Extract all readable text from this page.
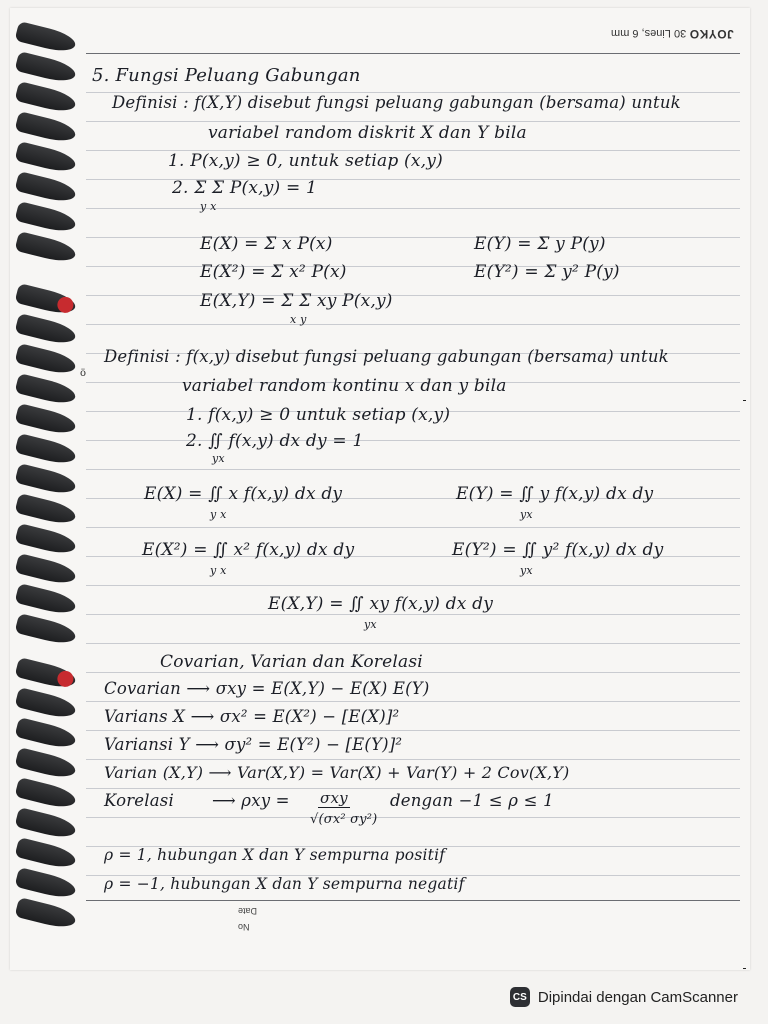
JOYKO 30 Lines, 6 mm
5. Fungsi Peluang Gabungan
Definisi : f(X,Y) disebut fungsi peluang gabungan (bersama) untuk
variabel random diskrit X dan Y bila
1. P(x,y) ≥ 0, untuk setiap (x,y)
2. Σ Σ P(x,y) = 1
y x
E(X) = Σ x P(x)	E(Y) = Σ y P(y)
E(X²) = Σ x² P(x)	E(Y²) = Σ y² P(y)
E(X,Y) = Σ Σ xy P(x,y)
x y
Definisi : f(x,y) disebut fungsi peluang gabungan (bersama) untuk
ö
variabel random kontinu x dan y bila
1. f(x,y) ≥ 0 untuk setiap (x,y)
2. ∬ f(x,y) dx dy = 1
yx
E(X) = ∬ x f(x,y) dx dy
y x
E(Y) = ∬ y f(x,y) dx dy
yx
E(X²) = ∬ x² f(x,y) dx dy
y x
E(Y²) = ∬ y² f(x,y) dx dy
yx
E(X,Y) = ∬ xy f(x,y) dx dy
yx
Covarian, Varian dan Korelasi
Covarian ⟶ σxy = E(X,Y) − E(X) E(Y)
Varians X ⟶ σx² = E(X²) − [E(X)]²
Variansi Y ⟶ σy² = E(Y²) − [E(Y)]²
Varian (X,Y) ⟶ Var(X,Y) = Var(X) + Var(Y) + 2 Cov(X,Y)
Korelasi ⟶ ρxy = σxy
√(σx² σy²)
dengan −1 ≤ ρ ≤ 1
ρ = 1, hubungan X dan Y sempurna positif
ρ = −1, hubungan X dan Y sempurna negatif
Date
No
CS Dipindai dengan CamScanner
